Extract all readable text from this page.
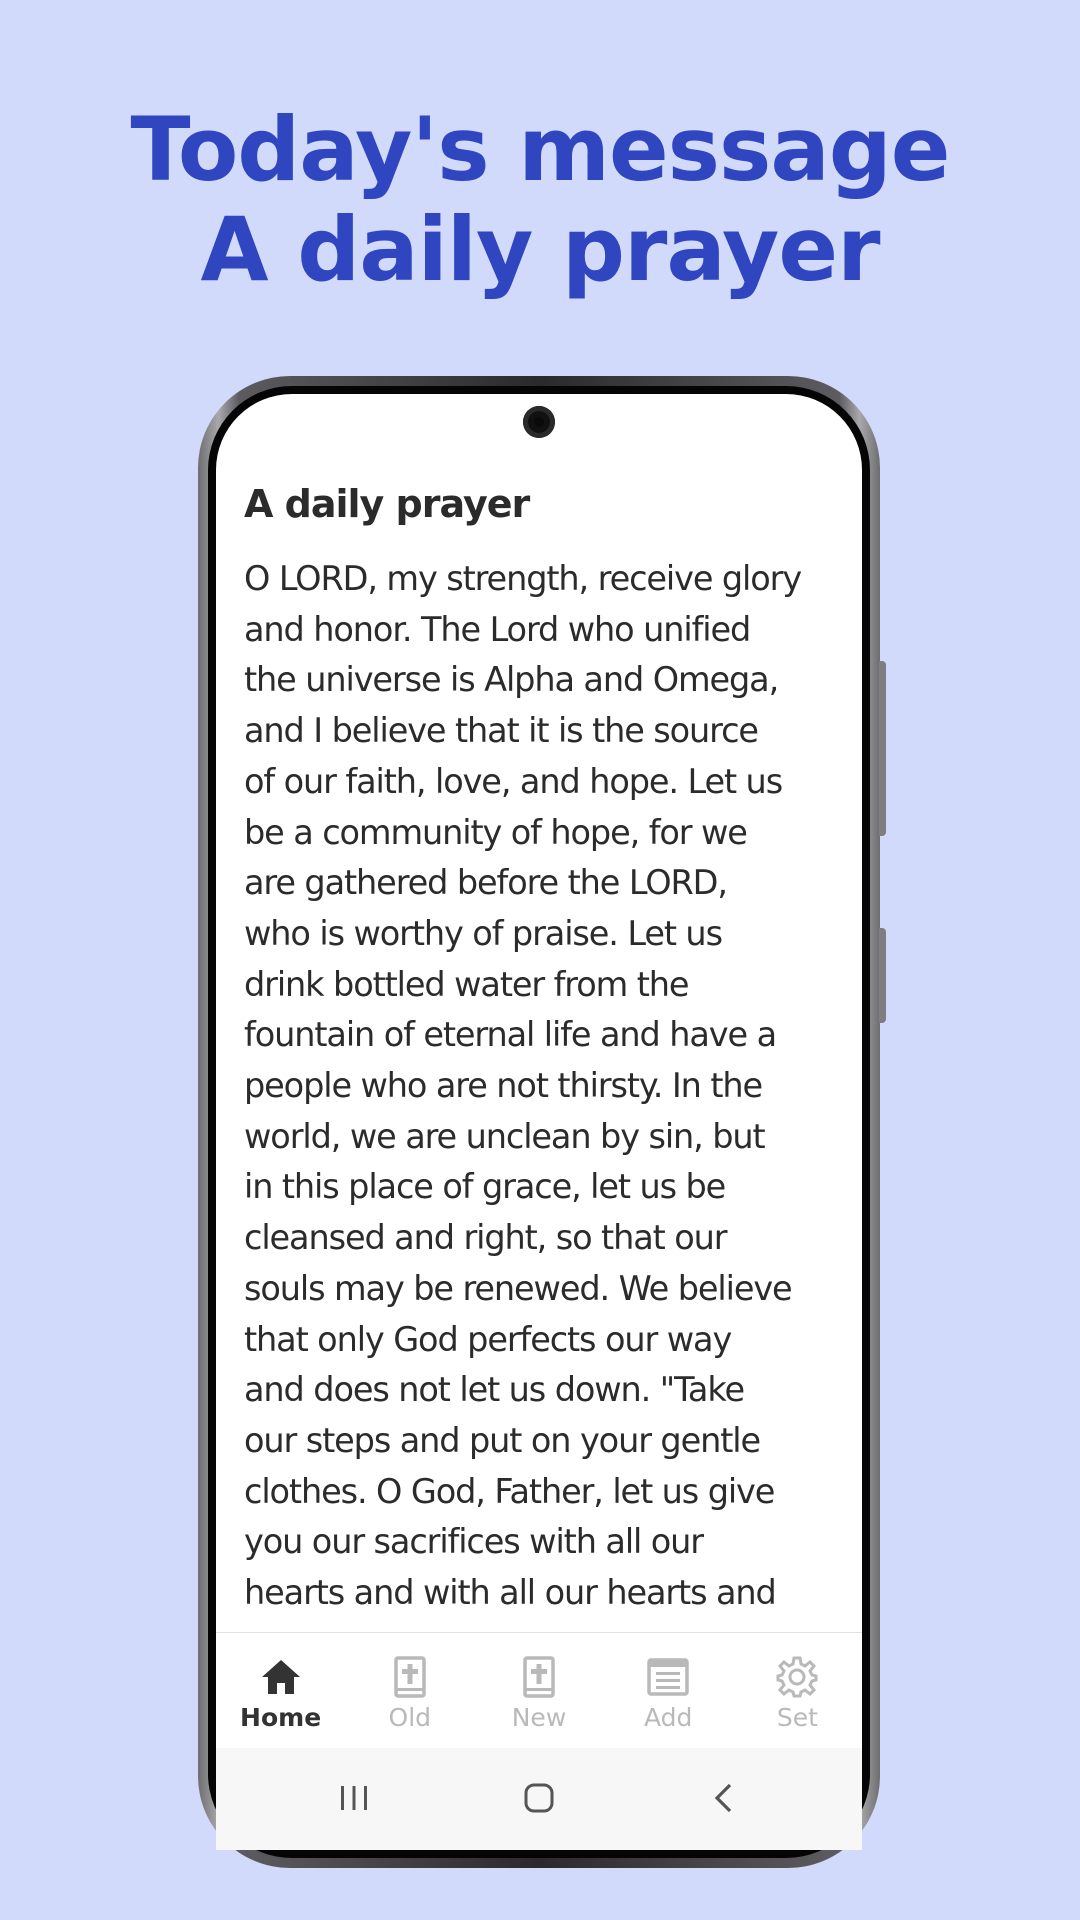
Today's message
A daily prayer
A daily prayer
O LORD, my strength, receive glory
and honor. The Lord who unified
the universe is Alpha and Omega,
and I believe that it is the source
of our faith, love, and hope. Let us
be a community of hope, for we
are gathered before the LORD,
who is worthy of praise. Let us
drink bottled water from the
fountain of eternal life and have a
people who are not thirsty. In the
world, we are unclean by sin, but
in this place of grace, let us be
cleansed and right, so that our
souls may be renewed. We believe
that only God perfects our way
and does not let us down. "Take
our steps and put on your gentle
clothes. O God, Father, let us give
you our sacrifices with all our
hearts and with all our hearts and
Home	Old	New	Add	Set
